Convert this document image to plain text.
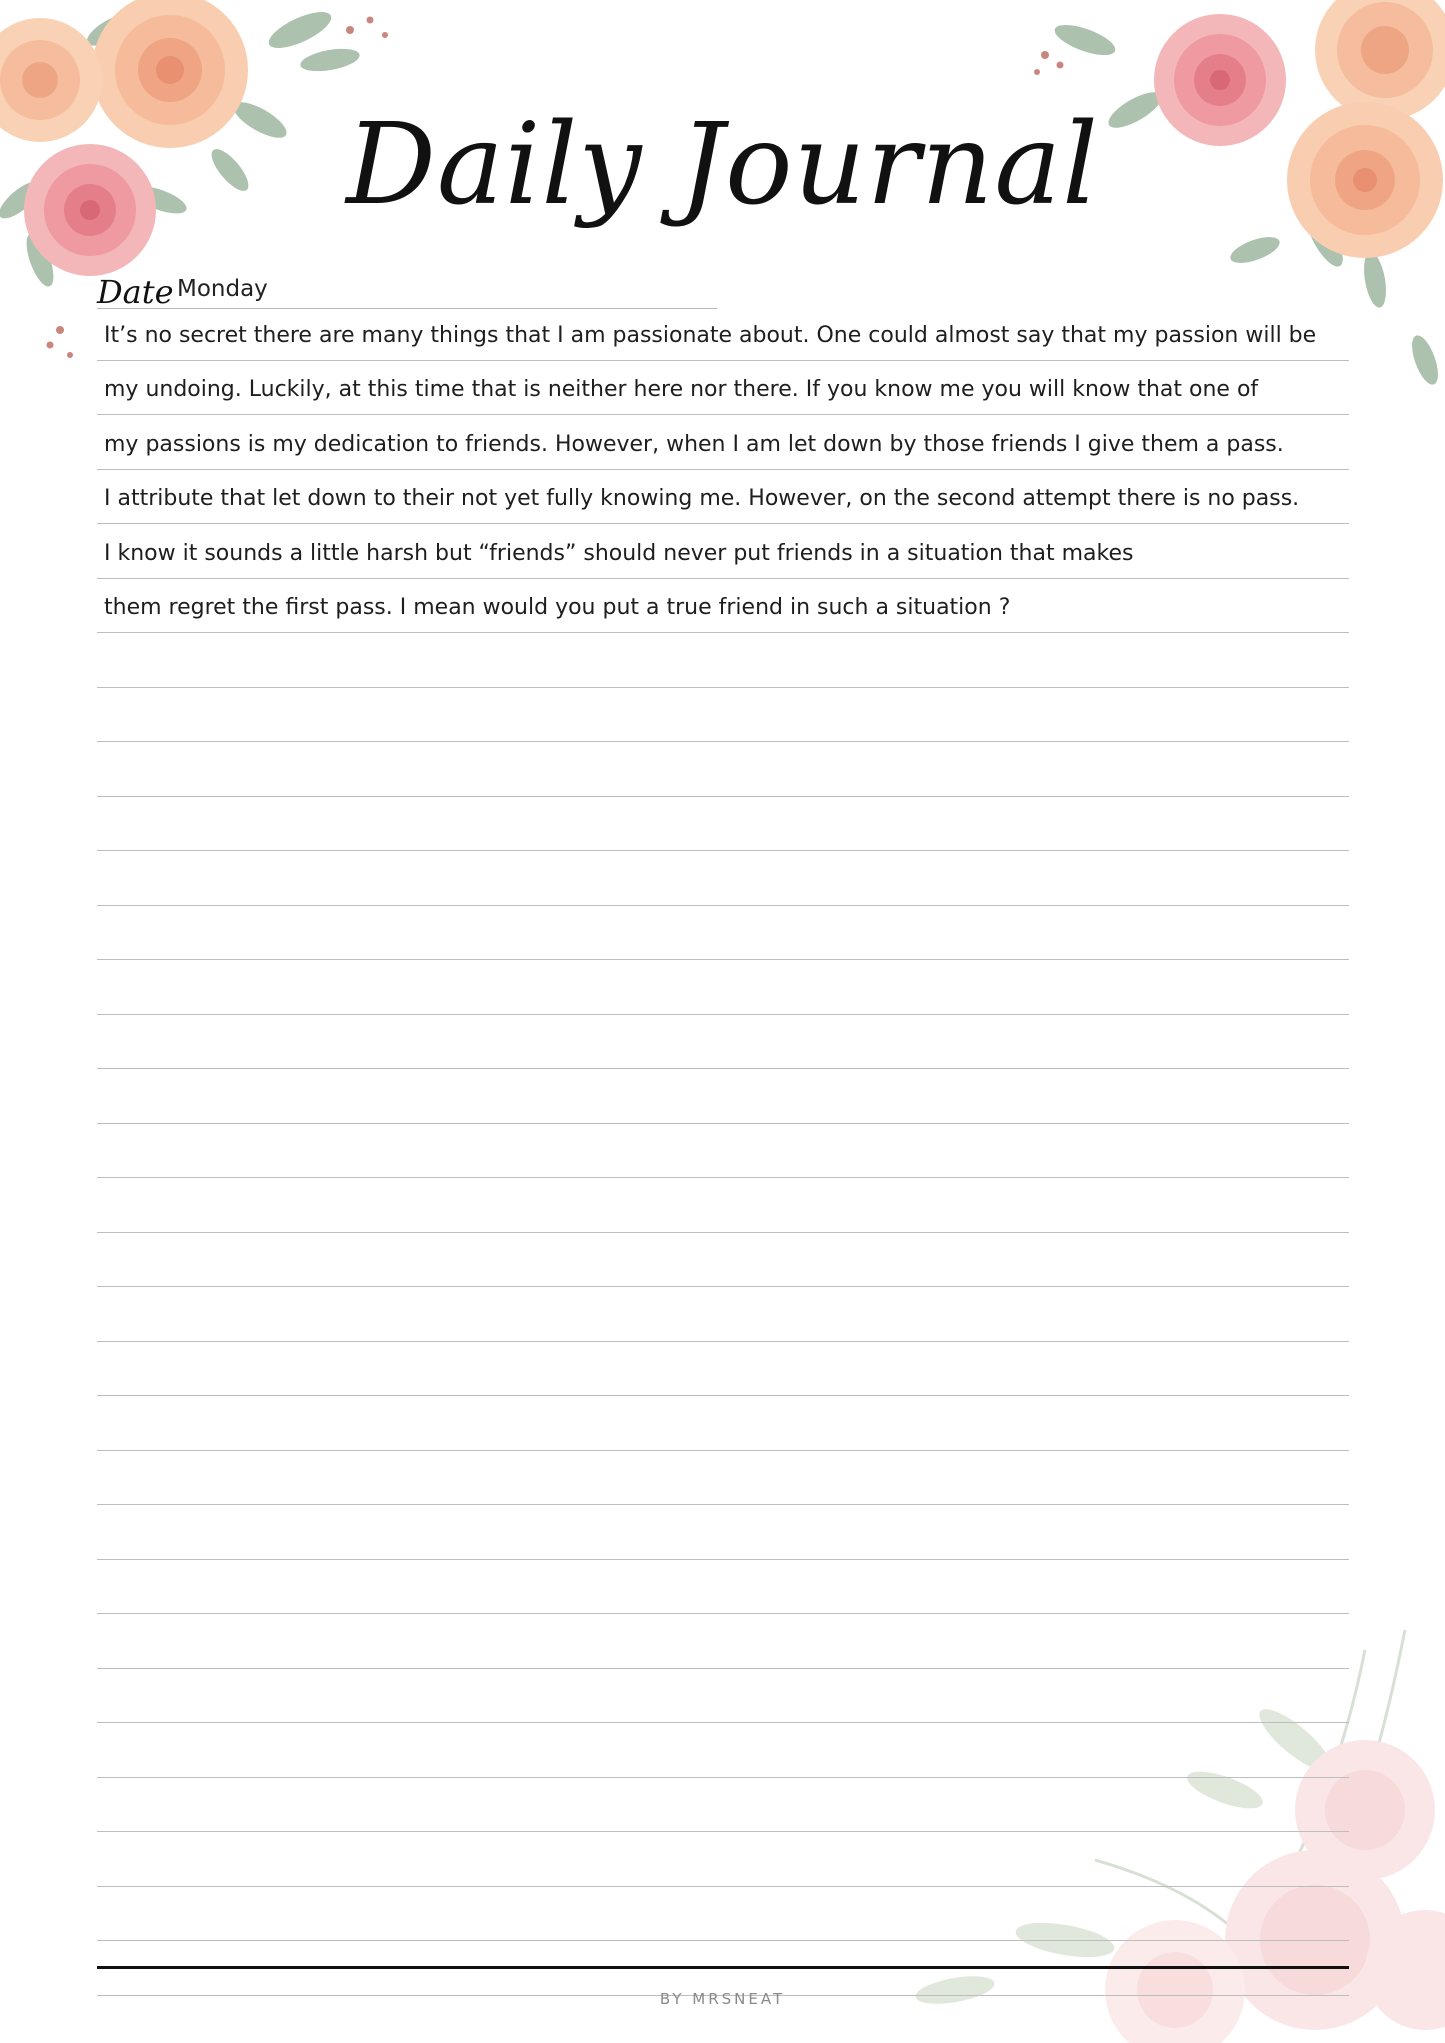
Daily Journal
Date Monday
It’s no secret there are many things that I am passionate about. One could almost say that my passion will be
my undoing. Luckily, at this time that is neither here nor there. If you know me you will know that one of
my passions is my dedication to friends. However, when I am let down by those friends I give them a pass.
I attribute that let down to their not yet fully knowing me. However, on the second attempt there is no pass.
I know it sounds a little harsh but “friends” should never put friends in a situation that makes
them regret the first pass. I mean would you put a true friend in such a situation ?
BY MRSNEAT
